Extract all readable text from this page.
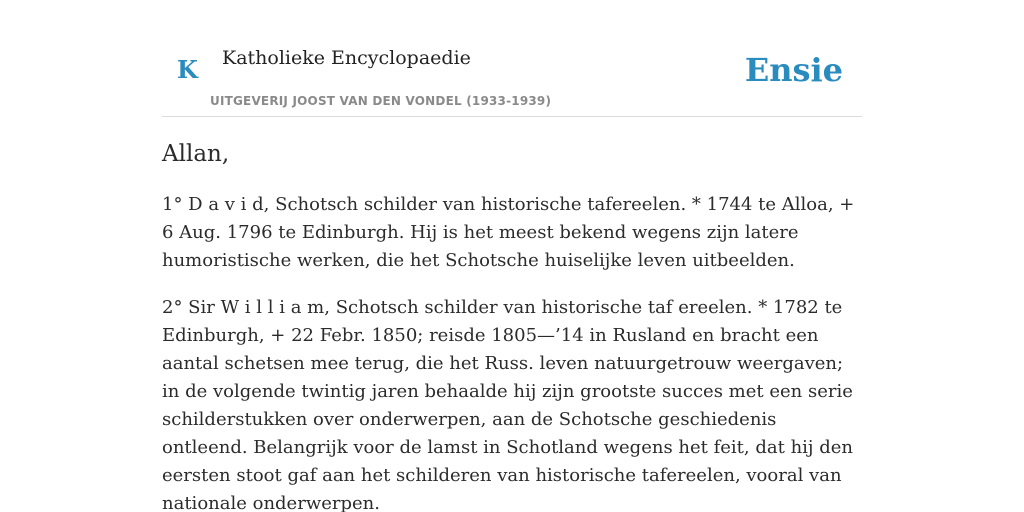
K Katholieke Encyclopaedie
UITGEVERIJ JOOST VAN DEN VONDEL (1933-1939)
Ensie
Allan,

1° D a v i d, Schotsch schilder van historische tafereelen. * 1744 te Alloa, + 6 Aug. 1796 te Edinburgh. Hij is het meest bekend wegens zijn latere humoristische werken, die het Schotsche huiselijke leven uitbeelden.

2° Sir W i l l i a m, Schotsch schilder van historische taf ereelen. * 1782 te Edinburgh, + 22 Febr. 1850; reisde 1805—’14 in Rusland en bracht een aantal schetsen mee terug, die het Russ. leven natuurgetrouw weergaven; in de volgende twintig jaren behaalde hij zijn grootste succes met een serie schilderstukken over onderwerpen, aan de Schotsche geschiedenis ontleend. Belangrijk voor de lamst in Schotland wegens het feit, dat hij den eersten stoot gaf aan het schilderen van historische tafereelen, vooral van nationale onderwerpen.
